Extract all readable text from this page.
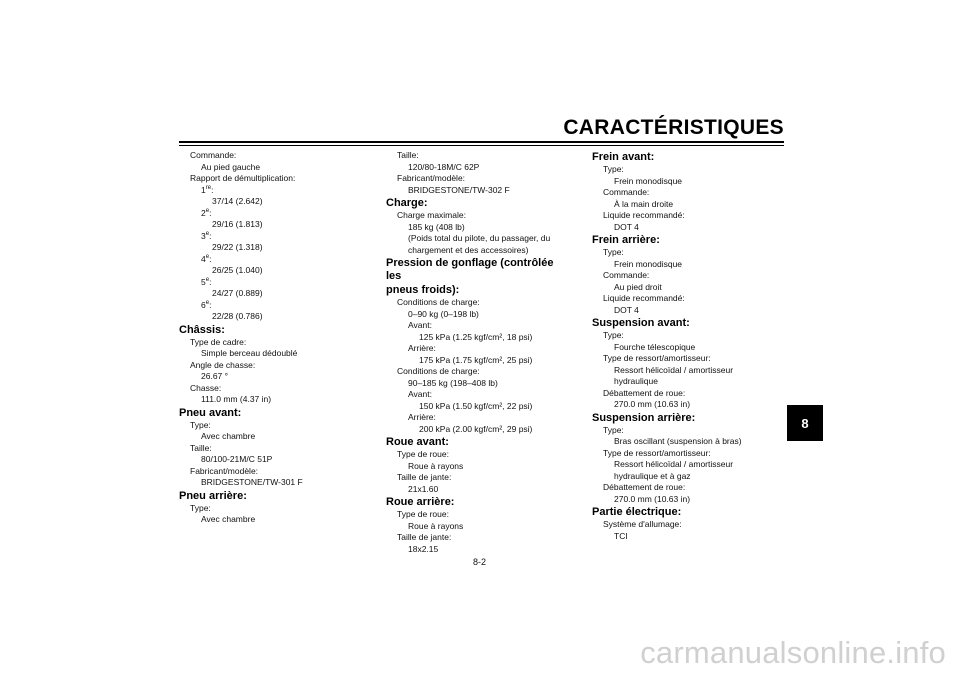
CARACTÉRISTIQUES
Commande:
Au pied gauche
Rapport de démultiplication:
1re:
37/14 (2.642)
2e:
29/16 (1.813)
3e:
29/22 (1.318)
4e:
26/25 (1.040)
5e:
24/27 (0.889)
6e:
22/28 (0.786)
Châssis:
Type de cadre:
Simple berceau dédoublé
Angle de chasse:
26.67 °
Chasse:
111.0 mm (4.37 in)
Pneu avant:
Type:
Avec chambre
Taille:
80/100-21M/C 51P
Fabricant/modèle:
BRIDGESTONE/TW-301 F
Pneu arrière:
Type:
Avec chambre
Taille:
120/80-18M/C 62P
Fabricant/modèle:
BRIDGESTONE/TW-302 F
Charge:
Charge maximale:
185 kg (408 lb)
(Poids total du pilote, du passager, du
chargement et des accessoires)
Pression de gonflage (contrôlée les
pneus froids):
Conditions de charge:
0–90 kg (0–198 lb)
Avant:
125 kPa (1.25 kgf/cm², 18 psi)
Arrière:
175 kPa (1.75 kgf/cm², 25 psi)
Conditions de charge:
90–185 kg (198–408 lb)
Avant:
150 kPa (1.50 kgf/cm², 22 psi)
Arrière:
200 kPa (2.00 kgf/cm², 29 psi)
Roue avant:
Type de roue:
Roue à rayons
Taille de jante:
21x1.60
Roue arrière:
Type de roue:
Roue à rayons
Taille de jante:
18x2.15
Frein avant:
Type:
Frein monodisque
Commande:
À la main droite
Liquide recommandé:
DOT 4
Frein arrière:
Type:
Frein monodisque
Commande:
Au pied droit
Liquide recommandé:
DOT 4
Suspension avant:
Type:
Fourche télescopique
Type de ressort/amortisseur:
Ressort hélicoïdal / amortisseur
hydraulique
Débattement de roue:
270.0 mm (10.63 in)
Suspension arrière:
Type:
Bras oscillant (suspension à bras)
Type de ressort/amortisseur:
Ressort hélicoïdal / amortisseur
hydraulique et à gaz
Débattement de roue:
270.0 mm (10.63 in)
Partie électrique:
Système d'allumage:
TCI
8
8-2
carmanualsonline.info
